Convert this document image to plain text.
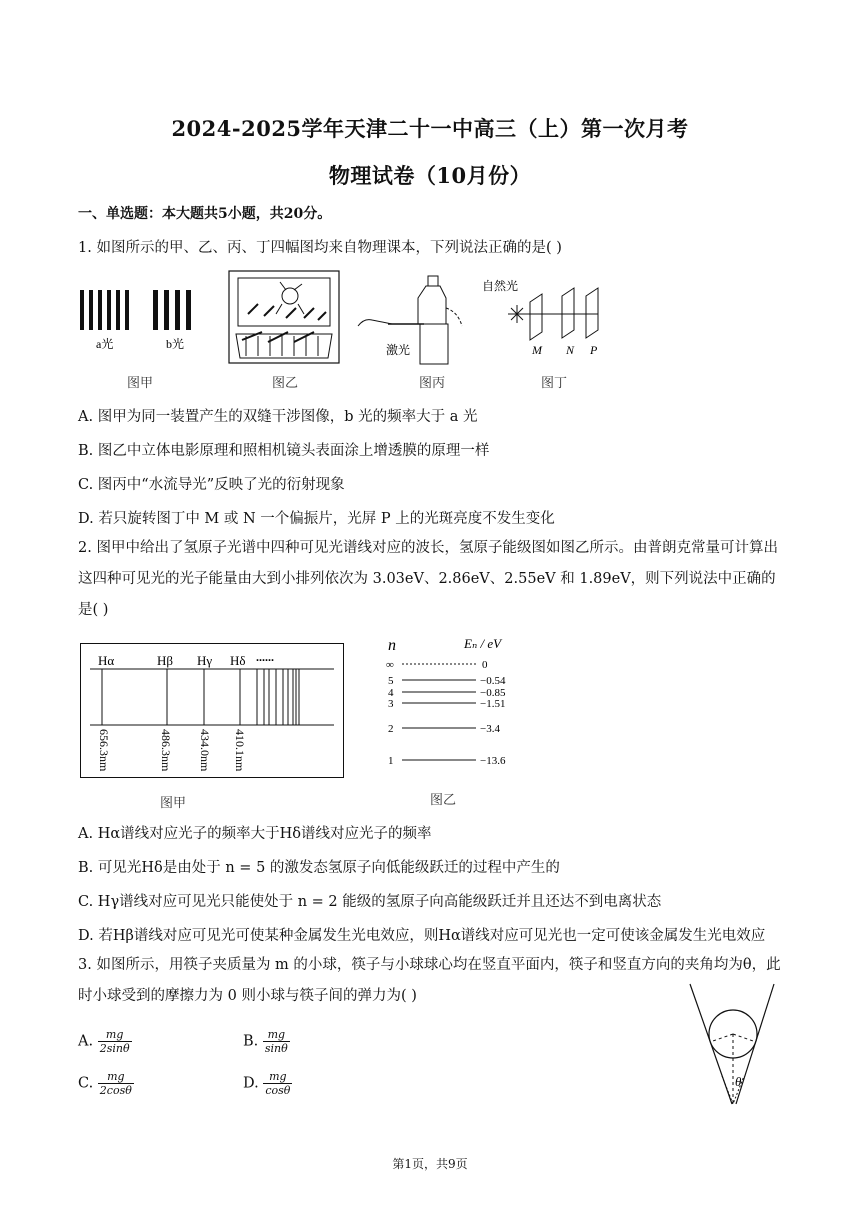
2024-2025学年天津二十一中高三（上）第一次月考
物理试卷（10月份）
一、单选题：本大题共5小题，共20分。
1. 如图所示的甲、乙、丙、丁四幅图均来自物理课本，下列说法正确的是( )
a光	b光	激光
自然光
M N P
图甲	图乙	图丙	图丁
A. 图甲为同一装置产生的双缝干涉图像，b 光的频率大于 a 光
B. 图乙中立体电影原理和照相机镜头表面涂上增透膜的原理一样
C. 图丙中“水流导光”反映了光的衍射现象
D. 若只旋转图丁中 M 或 N 一个偏振片，光屏 P 上的光斑亮度不发生变化
2. 图甲中给出了氢原子光谱中四种可见光谱线对应的波长，氢原子能级图如图乙所示。由普朗克常量可计算出这四种可见光的光子能量由大到小排列依次为 3.03eV、2.86eV、2.55eV 和 1.89eV，则下列说法中正确的是( )
Hα	Hβ Hγ Hδ ......
656.3nm	486.3nm 434.0nm 410.1nm
n	Eₙ / eV
∞	0
5	−0.54
4	−0.85
3	−1.51
2	−3.4
1	−13.6
图甲	图乙
A. Hα谱线对应光子的频率大于Hδ谱线对应光子的频率
B. 可见光Hδ是由处于 n = 5 的激发态氢原子向低能级跃迁的过程中产生的
C. Hγ谱线对应可见光只能使处于 n = 2 能级的氢原子向高能级跃迁并且还达不到电离状态
D. 若Hβ谱线对应可见光可使某种金属发生光电效应，则Hα谱线对应可见光也一定可使该金属发生光电效应
3. 如图所示，用筷子夹质量为 m 的小球，筷子与小球球心均在竖直平面内，筷子和竖直方向的夹角均为θ，此时小球受到的摩擦力为 0 则小球与筷子间的弹力为( )
A. $\frac{mg}{2\sin\theta}$	B. $\frac{mg}{\sin\theta}$
C. $\frac{mg}{2\cos\theta}$	D. $\frac{mg}{\cos\theta}$	θ
第1页，共9页
